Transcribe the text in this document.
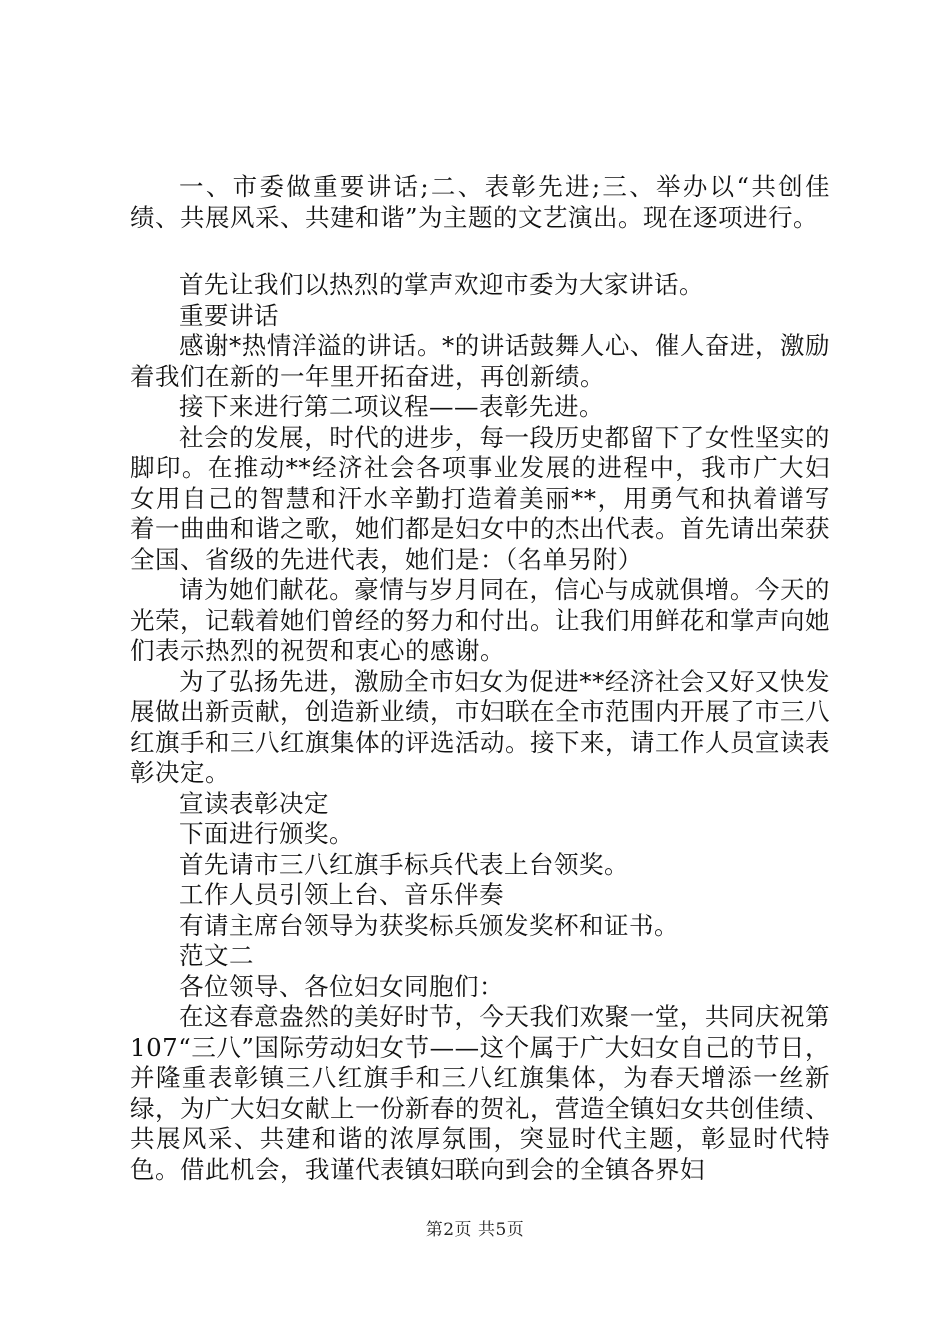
一、市委做重要讲话;二、表彰先进;三、举办以“共创佳绩、共展风采、共建和谐”为主题的文艺演出。现在逐项进行。

首先让我们以热烈的掌声欢迎市委为大家讲话。

重要讲话

感谢*热情洋溢的讲话。*的讲话鼓舞人心、催人奋进，激励着我们在新的一年里开拓奋进，再创新绩。

接下来进行第二项议程——表彰先进。

社会的发展，时代的进步，每一段历史都留下了女性坚实的脚印。在推动**经济社会各项事业发展的进程中，我市广大妇女用自己的智慧和汗水辛勤打造着美丽**，用勇气和执着谱写着一曲曲和谐之歌，她们都是妇女中的杰出代表。首先请出荣获全国、省级的先进代表，她们是：（名单另附）

请为她们献花。豪情与岁月同在，信心与成就俱增。今天的光荣，记载着她们曾经的努力和付出。让我们用鲜花和掌声向她们表示热烈的祝贺和衷心的感谢。

为了弘扬先进，激励全市妇女为促进**经济社会又好又快发展做出新贡献，创造新业绩，市妇联在全市范围内开展了市三八红旗手和三八红旗集体的评选活动。接下来，请工作人员宣读表彰决定。

宣读表彰决定

下面进行颁奖。

首先请市三八红旗手标兵代表上台领奖。

工作人员引领上台、音乐伴奏

有请主席台领导为获奖标兵颁发奖杯和证书。

范文二

各位领导、各位妇女同胞们：

在这春意盎然的美好时节，今天我们欢聚一堂，共同庆祝第107“三八”国际劳动妇女节——这个属于广大妇女自己的节日，并隆重表彰镇三八红旗手和三八红旗集体，为春天增添一丝新绿，为广大妇女献上一份新春的贺礼，营造全镇妇女共创佳绩、共展风采、共建和谐的浓厚氛围，突显时代主题，彰显时代特色。借此机会，我谨代表镇妇联向到会的全镇各界妇

第2页 共5页
